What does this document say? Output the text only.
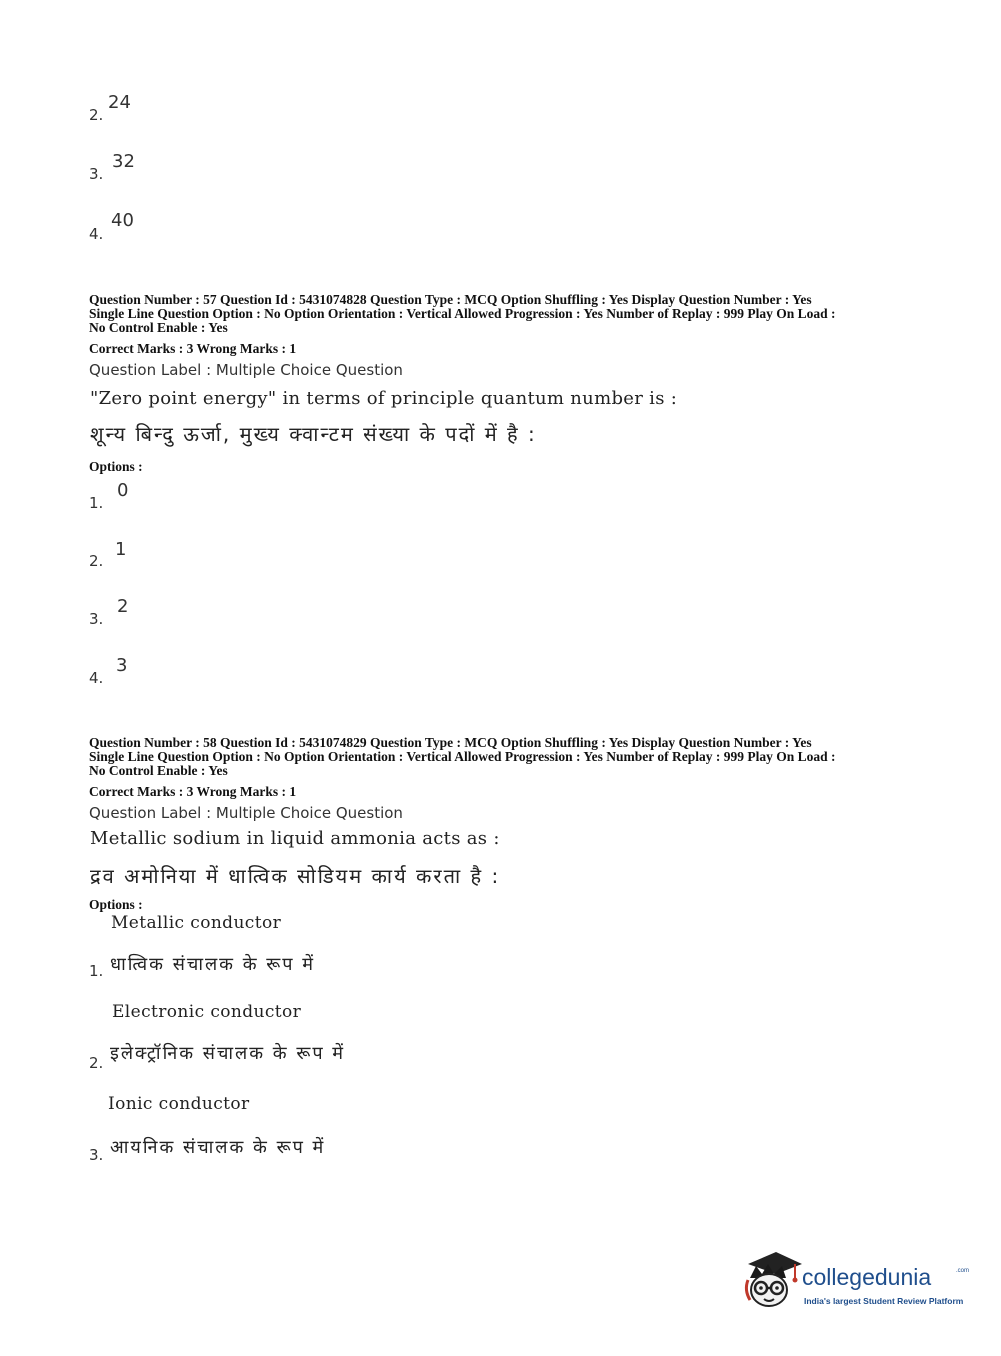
2.
24
3.
32
4.
40
Question Number : 57 Question Id : 5431074828 Question Type : MCQ Option Shuffling : Yes Display Question Number : Yes
Single Line Question Option : No Option Orientation : Vertical Allowed Progression : Yes Number of Replay : 999 Play On Load :
No Control Enable : Yes
Correct Marks : 3 Wrong Marks : 1
Question Label : Multiple Choice Question
"Zero point energy" in terms of principle quantum number is :
शून्य बिन्दु ऊर्जा, मुख्य क्वान्टम संख्या के पदों में है :
Options :
1.
0
2.
1
3.
2
4.
3
Question Number : 58 Question Id : 5431074829 Question Type : MCQ Option Shuffling : Yes Display Question Number : Yes
Single Line Question Option : No Option Orientation : Vertical Allowed Progression : Yes Number of Replay : 999 Play On Load :
No Control Enable : Yes
Correct Marks : 3 Wrong Marks : 1
Question Label : Multiple Choice Question
Metallic sodium in liquid ammonia acts as :
द्रव अमोनिया में धात्विक सोडियम कार्य करता है :
Options :
Metallic conductor
1. धात्विक संचालक के रूप में
Electronic conductor
2. इलेक्ट्रॉनिक संचालक के रूप में
Ionic conductor
3. आयनिक संचालक के रूप में
collegedunia	.com
India's largest Student Review Platform
